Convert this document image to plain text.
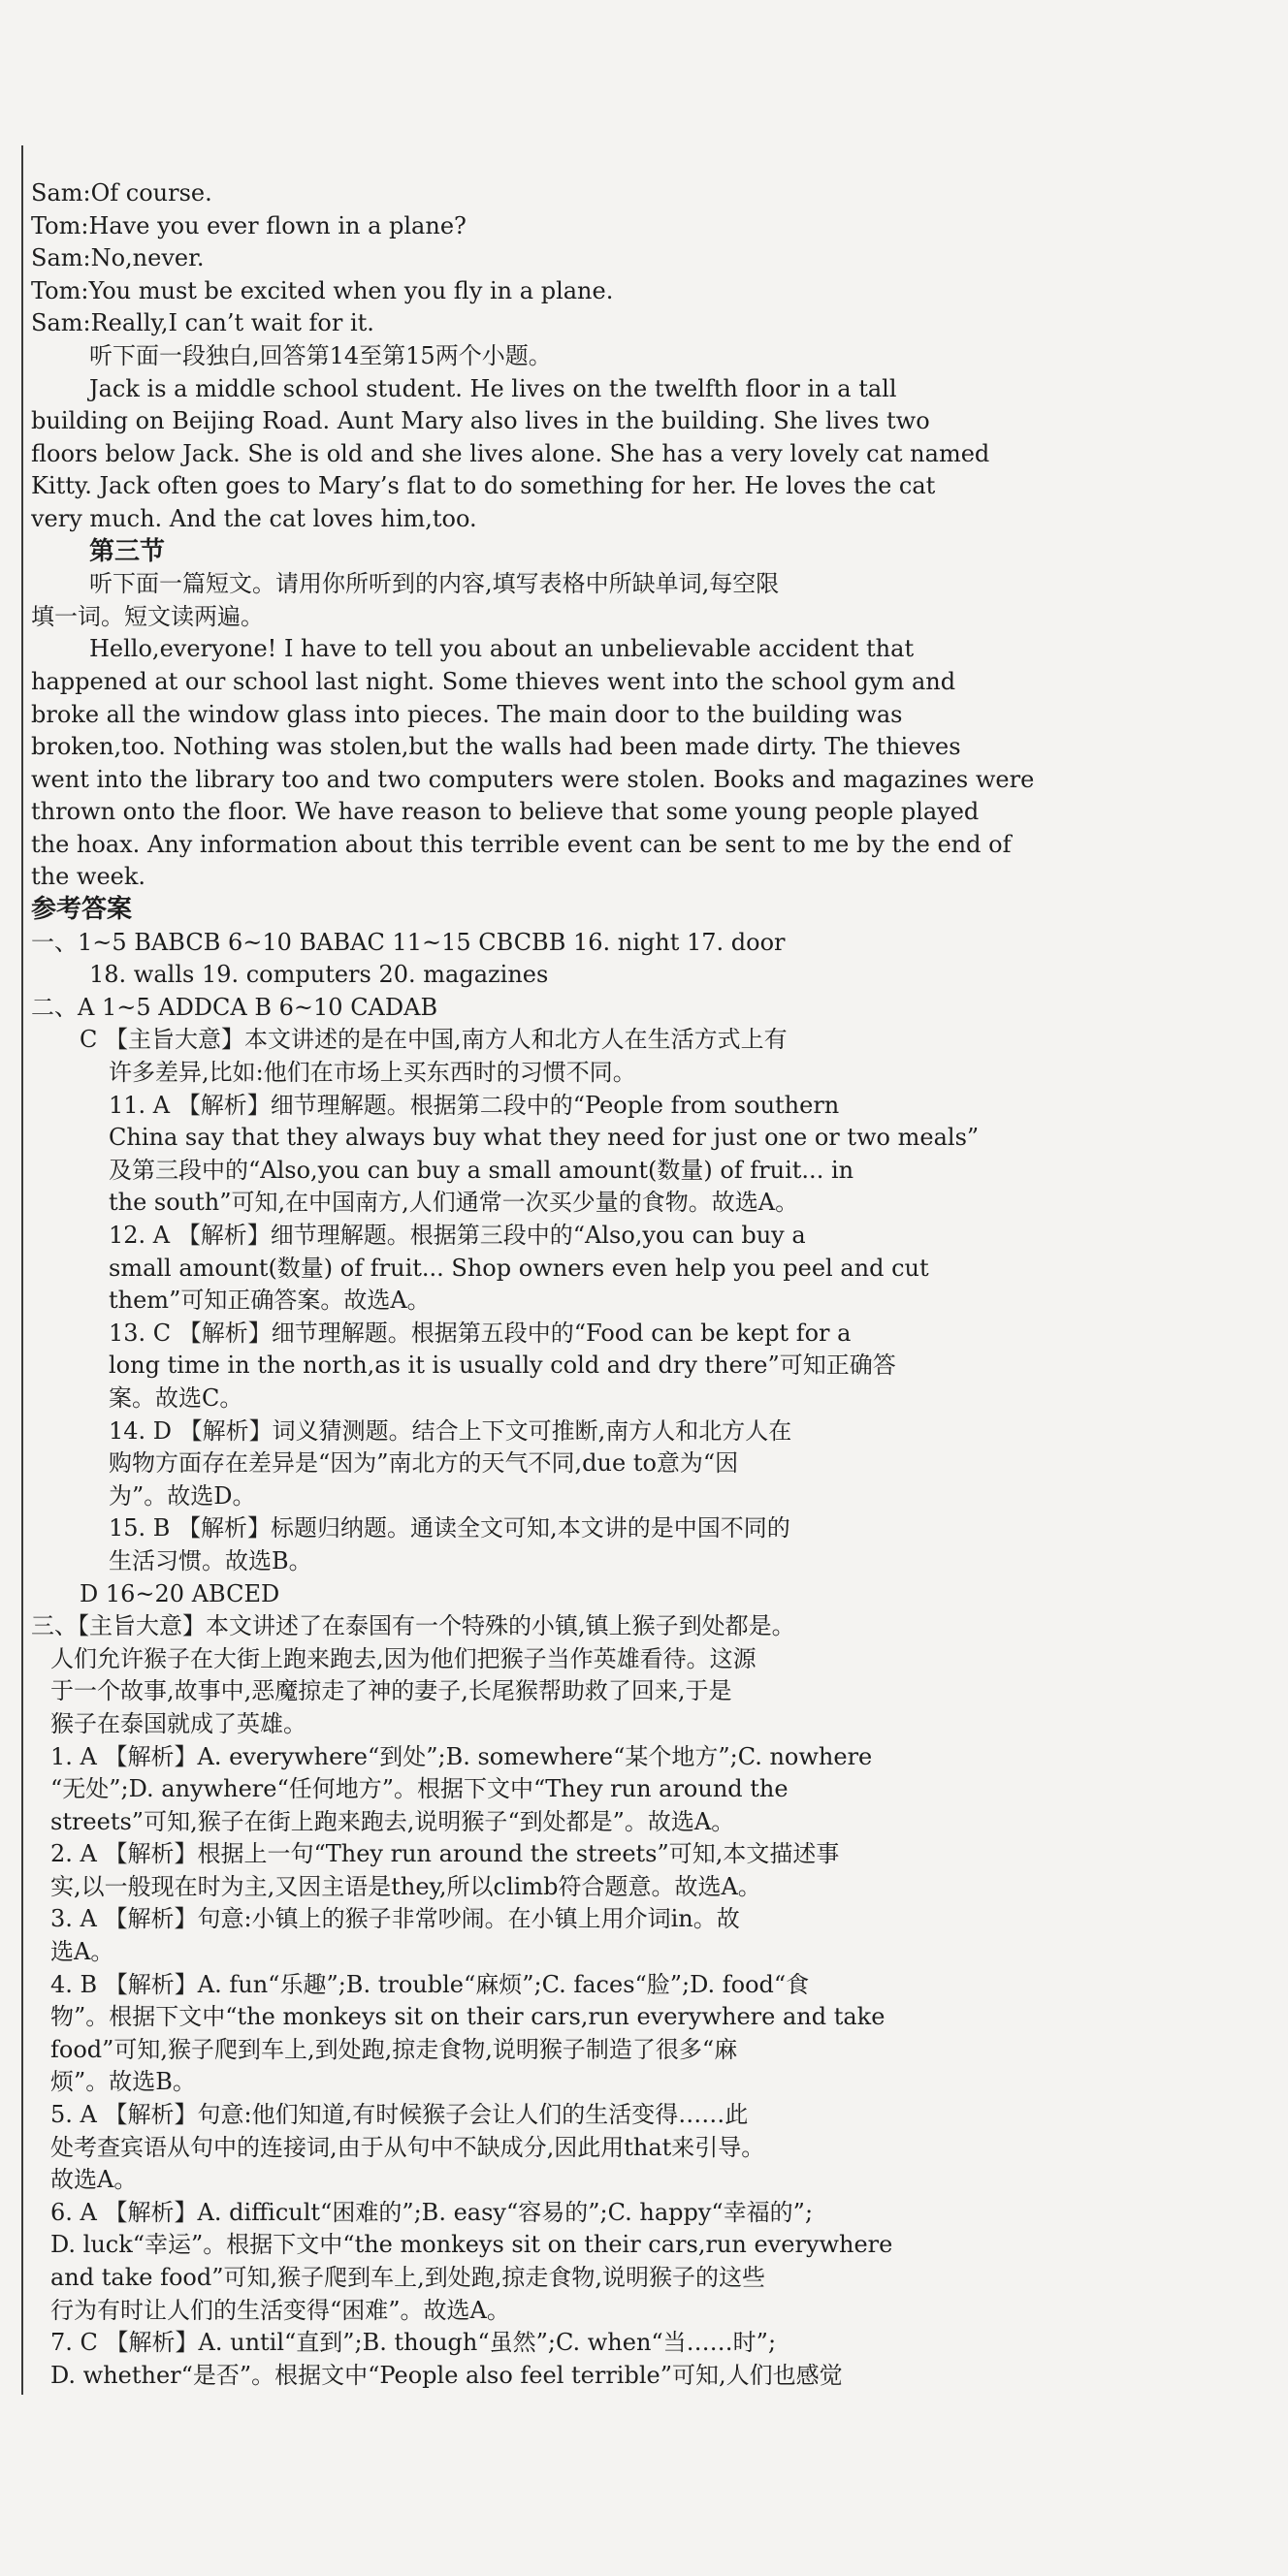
Sam:Of course.
Tom:Have you ever flown in a plane?
Sam:No,never.
Tom:You must be excited when you fly in a plane.
Sam:Really,I can’t wait for it.
听下面一段独白,回答第14至第15两个小题。
Jack is a middle school student. He lives on the twelfth floor in a tall
building on Beijing Road. Aunt Mary also lives in the building. She lives two
floors below Jack. She is old and she lives alone. She has a very lovely cat named
Kitty. Jack often goes to Mary’s flat to do something for her. He loves the cat
very much. And the cat loves him,too.
第三节
听下面一篇短文。请用你所听到的内容,填写表格中所缺单词,每空限
填一词。短文读两遍。
Hello,everyone! I have to tell you about an unbelievable accident that
happened at our school last night. Some thieves went into the school gym and
broke all the window glass into pieces. The main door to the building was
broken,too. Nothing was stolen,but the walls had been made dirty. The thieves
went into the library too and two computers were stolen. Books and magazines were
thrown onto the floor. We have reason to believe that some young people played
the hoax. Any information about this terrible event can be sent to me by the end of
the week.
参考答案
一、1~5 BABCB 6~10 BABAC 11~15 CBCBB 16. night 17. door
18. walls 19. computers 20. magazines
二、A 1~5 ADDCA B 6~10 CADAB
C 【主旨大意】本文讲述的是在中国,南方人和北方人在生活方式上有
许多差异,比如:他们在市场上买东西时的习惯不同。
11. A 【解析】细节理解题。根据第二段中的“People from southern
China say that they always buy what they need for just one or two meals”
及第三段中的“Also,you can buy a small amount(数量) of fruit... in
the south”可知,在中国南方,人们通常一次买少量的食物。故选A。
12. A 【解析】细节理解题。根据第三段中的“Also,you can buy a
small amount(数量) of fruit... Shop owners even help you peel and cut
them”可知正确答案。故选A。
13. C 【解析】细节理解题。根据第五段中的“Food can be kept for a
long time in the north,as it is usually cold and dry there”可知正确答
案。故选C。
14. D 【解析】词义猜测题。结合上下文可推断,南方人和北方人在
购物方面存在差异是“因为”南北方的天气不同,due to意为“因
为”。故选D。
15. B 【解析】标题归纳题。通读全文可知,本文讲的是中国不同的
生活习惯。故选B。
D 16~20 ABCED
三、【主旨大意】本文讲述了在泰国有一个特殊的小镇,镇上猴子到处都是。
人们允许猴子在大街上跑来跑去,因为他们把猴子当作英雄看待。这源
于一个故事,故事中,恶魔掠走了神的妻子,长尾猴帮助救了回来,于是
猴子在泰国就成了英雄。
1. A 【解析】A. everywhere“到处”;B. somewhere“某个地方”;C. nowhere
“无处”;D. anywhere“任何地方”。根据下文中“They run around the
streets”可知,猴子在街上跑来跑去,说明猴子“到处都是”。故选A。
2. A 【解析】根据上一句“They run around the streets”可知,本文描述事
实,以一般现在时为主,又因主语是they,所以climb符合题意。故选A。
3. A 【解析】句意:小镇上的猴子非常吵闹。在小镇上用介词in。故
选A。
4. B 【解析】A. fun“乐趣”;B. trouble“麻烦”;C. faces“脸”;D. food“食
物”。根据下文中“the monkeys sit on their cars,run everywhere and take
food”可知,猴子爬到车上,到处跑,掠走食物,说明猴子制造了很多“麻
烦”。故选B。
5. A 【解析】句意:他们知道,有时候猴子会让人们的生活变得……此
处考查宾语从句中的连接词,由于从句中不缺成分,因此用that来引导。
故选A。
6. A 【解析】A. difficult“困难的”;B. easy“容易的”;C. happy“幸福的”;
D. luck“幸运”。根据下文中“the monkeys sit on their cars,run everywhere
and take food”可知,猴子爬到车上,到处跑,掠走食物,说明猴子的这些
行为有时让人们的生活变得“困难”。故选A。
7. C 【解析】A. until“直到”;B. though“虽然”;C. when“当……时”;
D. whether“是否”。根据文中“People also feel terrible”可知,人们也感觉
